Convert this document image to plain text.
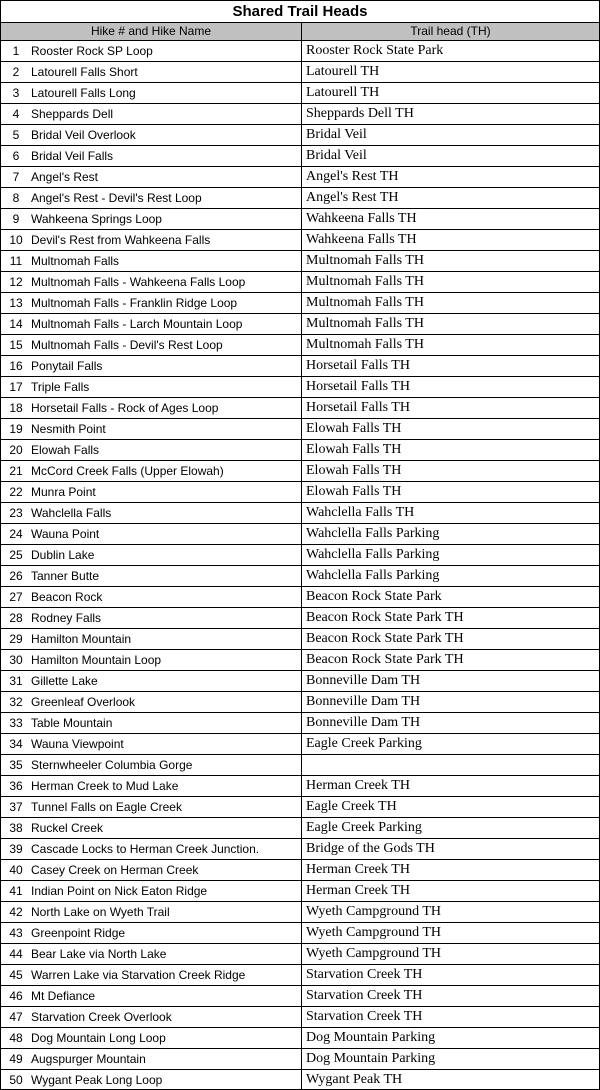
Shared Trail Heads
Hike # and Hike Name	Trail head (TH)
1 Rooster Rock SP Loop	Rooster Rock State Park
2 Latourell Falls Short	Latourell TH
3 Latourell Falls Long	Latourell TH
4 Sheppards Dell	Sheppards Dell TH
5 Bridal Veil Overlook	Bridal Veil
6 Bridal Veil Falls	Bridal Veil
7 Angel's Rest	Angel's Rest TH
8 Angel's Rest - Devil's Rest Loop	Angel's Rest TH
9 Wahkeena Springs Loop	Wahkeena Falls TH
10 Devil's Rest from Wahkeena Falls	Wahkeena Falls TH
11 Multnomah Falls	Multnomah Falls TH
12 Multnomah Falls - Wahkeena Falls Loop	Multnomah Falls TH
13 Multnomah Falls - Franklin Ridge Loop	Multnomah Falls TH
14 Multnomah Falls - Larch Mountain Loop	Multnomah Falls TH
15 Multnomah Falls - Devil's Rest Loop	Multnomah Falls TH
16 Ponytail Falls	Horsetail Falls TH
17 Triple Falls	Horsetail Falls TH
18 Horsetail Falls - Rock of Ages Loop	Horsetail Falls TH
19 Nesmith Point	Elowah Falls TH
20 Elowah Falls	Elowah Falls TH
21 McCord Creek Falls (Upper Elowah)	Elowah Falls TH
22 Munra Point	Elowah Falls TH
23 Wahclella Falls	Wahclella Falls TH
24 Wauna Point	Wahclella Falls Parking
25 Dublin Lake	Wahclella Falls Parking
26 Tanner Butte	Wahclella Falls Parking
27 Beacon Rock	Beacon Rock State Park
28 Rodney Falls	Beacon Rock State Park TH
29 Hamilton Mountain	Beacon Rock State Park TH
30 Hamilton Mountain Loop	Beacon Rock State Park TH
31 Gillette Lake	Bonneville Dam TH
32 Greenleaf Overlook	Bonneville Dam TH
33 Table Mountain	Bonneville Dam TH
34 Wauna Viewpoint	Eagle Creek Parking
35 Sternwheeler Columbia Gorge
36 Herman Creek to Mud Lake	Herman Creek TH
37 Tunnel Falls on Eagle Creek	Eagle Creek TH
38 Ruckel Creek	Eagle Creek Parking
39 Cascade Locks to Herman Creek Junction.	Bridge of the Gods TH
40 Casey Creek on Herman Creek	Herman Creek TH
41 Indian Point on Nick Eaton Ridge	Herman Creek TH
42 North Lake on Wyeth Trail	Wyeth Campground TH
43 Greenpoint Ridge	Wyeth Campground TH
44 Bear Lake via North Lake	Wyeth Campground TH
45 Warren Lake via Starvation Creek Ridge	Starvation Creek TH
46 Mt Defiance	Starvation Creek TH
47 Starvation Creek Overlook	Starvation Creek TH
48 Dog Mountain Long Loop	Dog Mountain Parking
49 Augspurger Mountain	Dog Mountain Parking
50 Wygant Peak Long Loop	Wygant Peak TH
